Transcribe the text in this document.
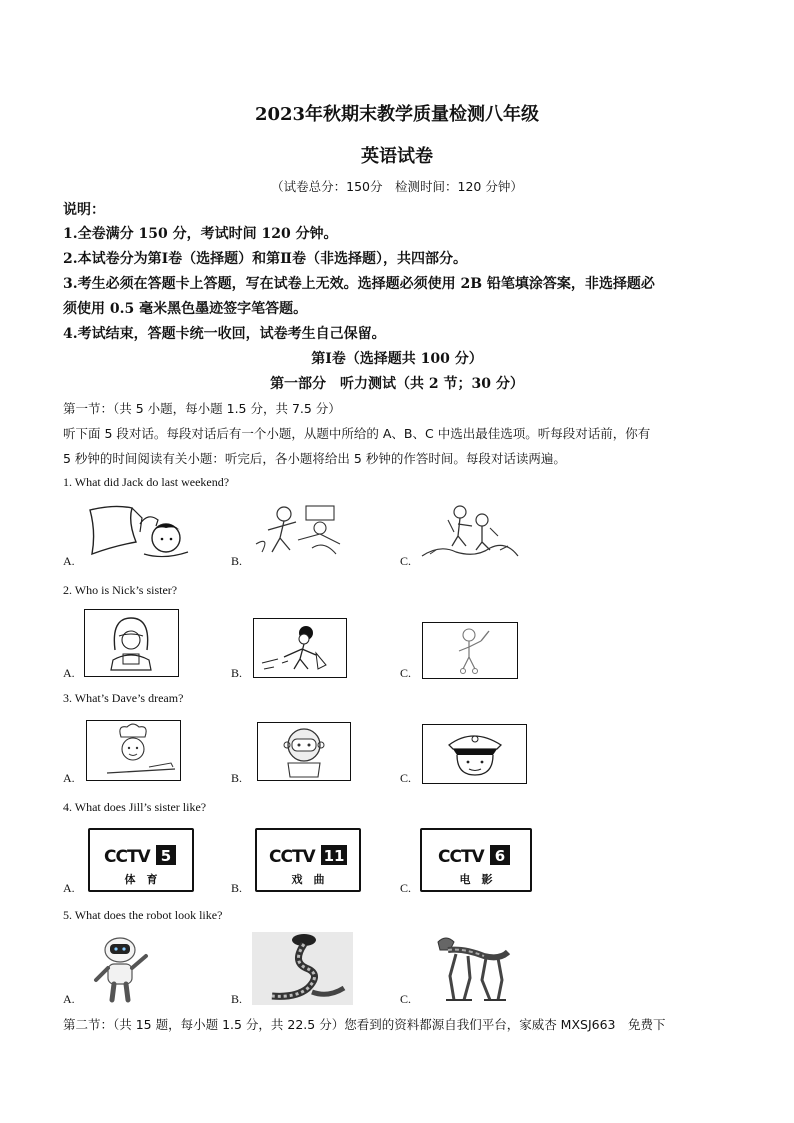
2023年秋期末教学质量检测八年级
英语试卷
（试卷总分：150分　检测时间：120 分钟）
说明：
1.全卷满分 150 分，考试时间 120 分钟。
2.本试卷分为第Ⅰ卷（选择题）和第Ⅱ卷（非选择题），共四部分。
3.考生必须在答题卡上答题，写在试卷上无效。选择题必须使用 2B 铅笔填涂答案，非选择题必
须使用 0.5 毫米黑色墨迹签字笔答题。
4.考试结束，答题卡统一收回，试卷考生自己保留。
第Ⅰ卷（选择题共 100 分）
第一部分　听力测试（共 2 节；30 分）
第一节：（共 5 小题，每小题 1.5 分，共 7.5 分）
听下面 5 段对话。每段对话后有一个小题，从题中所给的 A、B、C 中选出最佳选项。听每段对话前，你有
5 秒钟的时间阅读有关小题：听完后，各小题将给出 5 秒钟的作答时间。每段对话读两遍。
1. What did Jack do last weekend?
A.	B.	C.
2. Who is Nick’s sister?
A.	B.	C.
3. What’s Dave’s dream?
A.	B.	C.
4. What does Jill’s sister like?
A.
CCTV 5
体　育
B.
CCTV 11
戏　曲
C.
CCTV 6
电　影
5. What does the robot look like?
A.	B.	C.
第二节：（共 15 题，每小题 1.5 分，共 22.5 分）您看到的资料都源自我们平台，家威杏 MXSJ663　免费下
